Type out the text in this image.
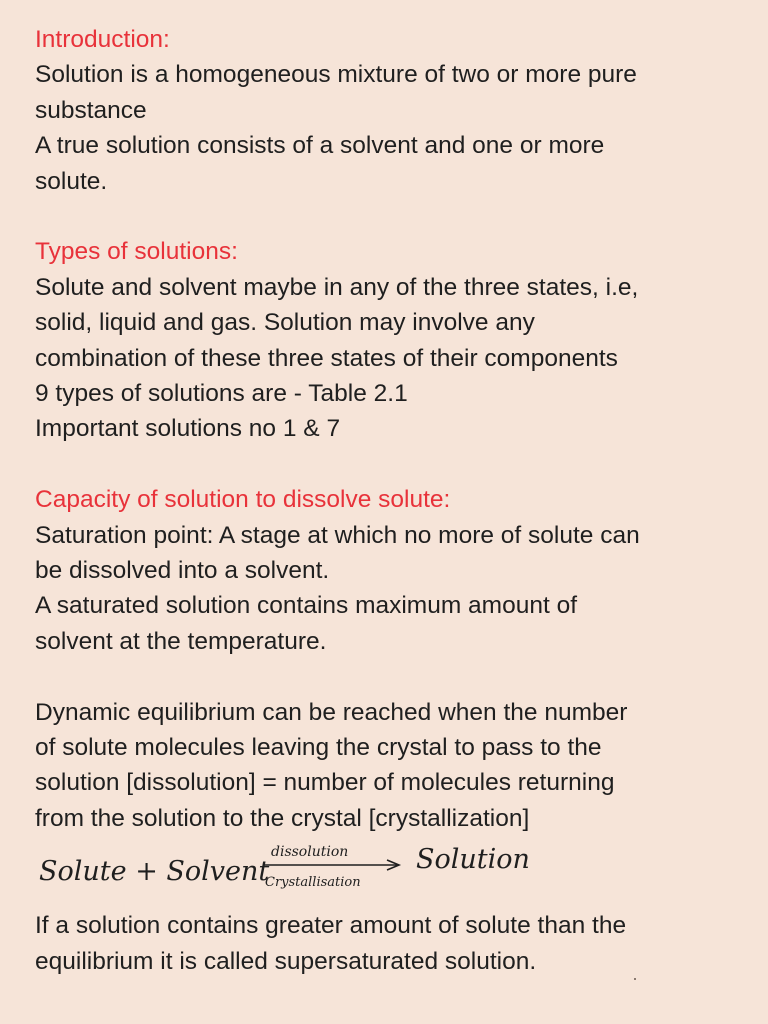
Introduction:
Solution is a homogeneous mixture of two or more pure
substance
A true solution consists of a solvent and one or more
solute.
Types of solutions:
Solute and solvent maybe in any of the three states, i.e,
solid, liquid and gas. Solution may involve any
combination of these three states of their components
9 types of solutions are - Table 2.1
Important solutions no 1 & 7
Capacity of solution to dissolve solute:
Saturation point: A stage at which no more of solute can
be dissolved into a solvent.
A saturated solution contains maximum amount of
solvent at the temperature.
Dynamic equilibrium can be reached when the number
of solute molecules leaving the crystal to pass to the
solution [dissolution] = number of molecules returning
from the solution to the crystal [crystallization]
Solute + Solvent
dissolution
Crystallisation
Solution
If a solution contains greater amount of solute than the
equilibrium it is called supersaturated solution.
